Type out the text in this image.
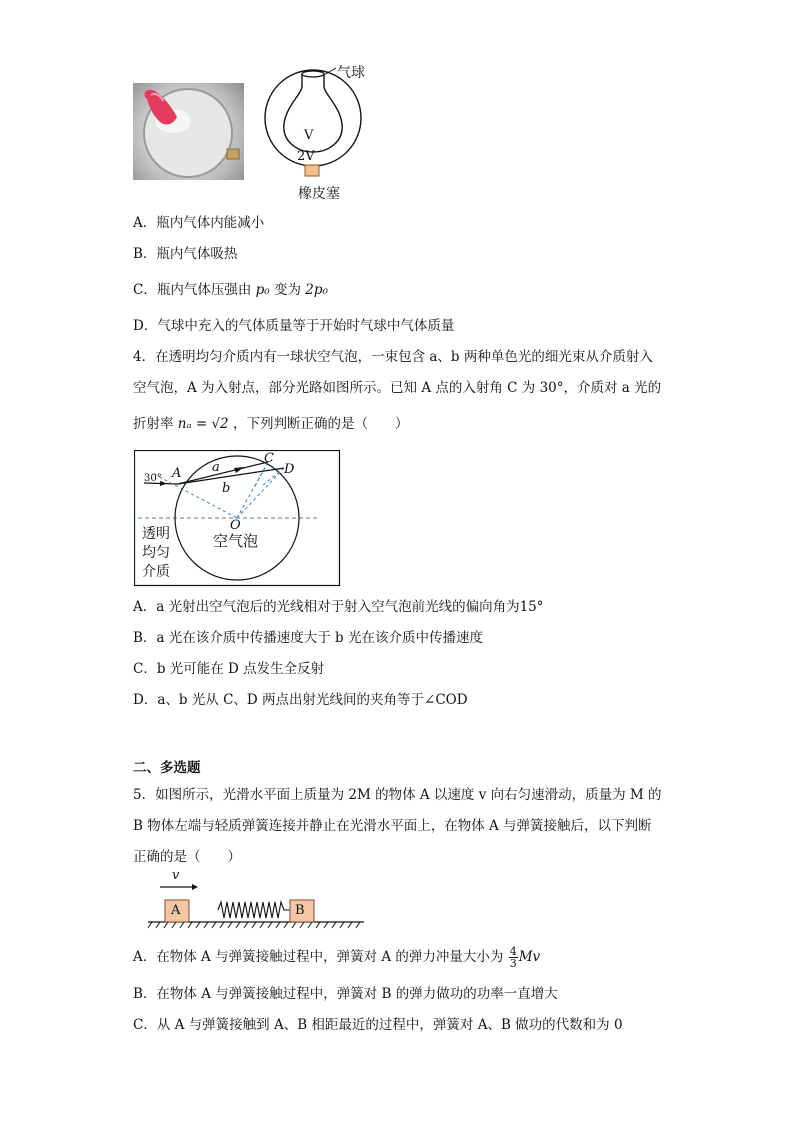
气球
V
2V
橡皮塞
A．瓶内气体内能减小
B．瓶内气体吸热
C．瓶内气体压强由 p₀ 变为 2p₀
D．气球中充入的气体质量等于开始时气球中气体质量
4．在透明均匀介质内有一球状空气泡，一束包含 a、b 两种单色光的细光束从介质射入
空气泡，A 为入射点，部分光路如图所示。已知 A 点的入射角 C 为 30°，介质对 a 光的
折射率 nₐ = √2 ，下列判断正确的是（　　）
30° A a
b
C
D
O
透明
均匀
介质
空气泡
A．a 光射出空气泡后的光线相对于射入空气泡前光线的偏向角为15°
B．a 光在该介质中传播速度大于 b 光在该介质中传播速度
C．b 光可能在 D 点发生全反射
D．a、b 光从 C、D 两点出射光线间的夹角等于∠COD
二、多选题
5．如图所示，光滑水平面上质量为 2M 的物体 A 以速度 v 向右匀速滑动，质量为 M 的
B 物体左端与轻质弹簧连接并静止在光滑水平面上，在物体 A 与弹簧接触后，以下判断
正确的是（　　）
v
A	B
A．在物体 A 与弹簧接触过程中，弹簧对 A 的弹力冲量大小为 $\frac{4}{3}$ Mv
B．在物体 A 与弹簧接触过程中，弹簧对 B 的弹力做功的功率一直增大
C．从 A 与弹簧接触到 A、B 相距最近的过程中，弹簧对 A、B 做功的代数和为 0
